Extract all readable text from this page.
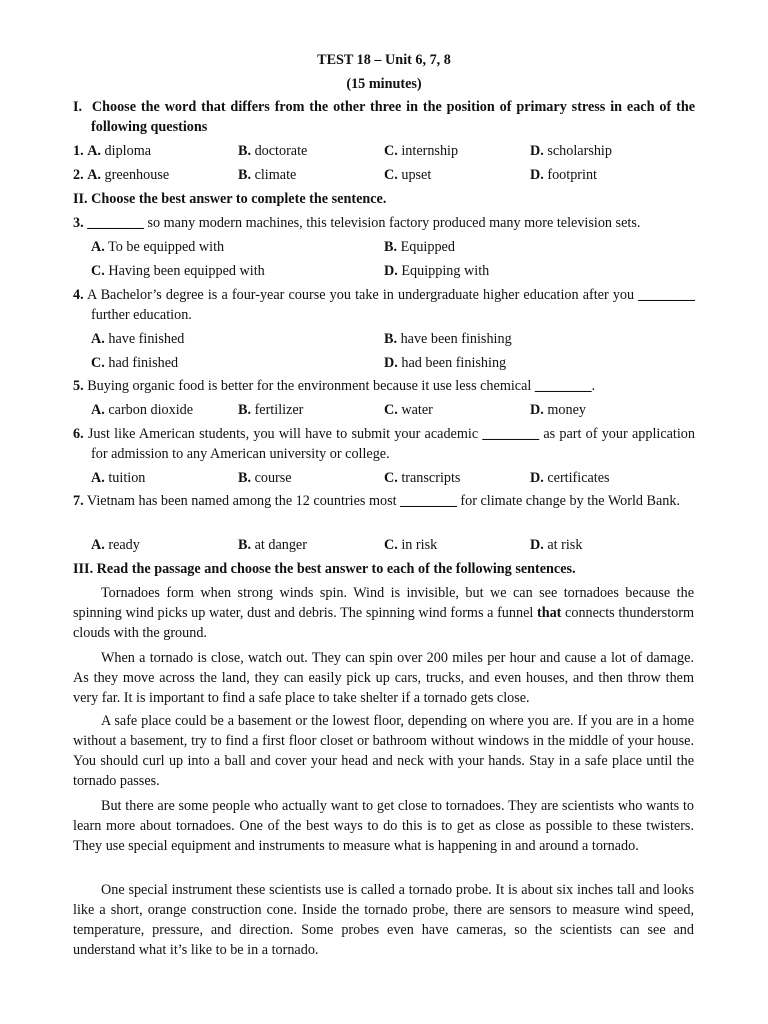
TEST 18 – Unit 6, 7, 8
(15 minutes)
I. Choose the word that differs from the other three in the position of primary stress in each of the following questions
1. A. diploma	B. doctorate	C. internship	D. scholarship
2. A. greenhouse	B. climate	C. upset	D. footprint
II. Choose the best answer to complete the sentence.
3. ________ so many modern machines, this television factory produced many more television sets.
A. To be equipped with	B. Equipped
C. Having been equipped with	D. Equipping with
4. A Bachelor’s degree is a four-year course you take in undergraduate higher education after you ________ further education.
A. have finished	B. have been finishing
C. had finished	D. had been finishing
5. Buying organic food is better for the environment because it use less chemical ________.
A. carbon dioxide	B. fertilizer	C. water	D. money
6. Just like American students, you will have to submit your academic ________ as part of your application for admission to any American university or college.
A. tuition	B. course	C. transcripts	D. certificates
7. Vietnam has been named among the 12 countries most ________ for climate change by the World Bank.
A. ready	B. at danger	C. in risk	D. at risk
III. Read the passage and choose the best answer to each of the following sentences.
Tornadoes form when strong winds spin. Wind is invisible, but we can see tornadoes because the spinning wind picks up water, dust and debris. The spinning wind forms a funnel that connects thunderstorm clouds with the ground.
When a tornado is close, watch out. They can spin over 200 miles per hour and cause a lot of damage. As they move across the land, they can easily pick up cars, trucks, and even houses, and then throw them very far. It is important to find a safe place to take shelter if a tornado gets close.
A safe place could be a basement or the lowest floor, depending on where you are. If you are in a home without a basement, try to find a first floor closet or bathroom without windows in the middle of your house. You should curl up into a ball and cover your head and neck with your hands. Stay in a safe place until the tornado passes.
But there are some people who actually want to get close to tornadoes. They are scientists who wants to learn more about tornadoes. One of the best ways to do this is to get as close as possible to these twisters. They use special equipment and instruments to measure what is happening in and around a tornado.
One special instrument these scientists use is called a tornado probe. It is about six inches tall and looks like a short, orange construction cone. Inside the tornado probe, there are sensors to measure wind speed, temperature, pressure, and direction. Some probes even have cameras, so the scientists can see and understand what it’s like to be in a tornado.
